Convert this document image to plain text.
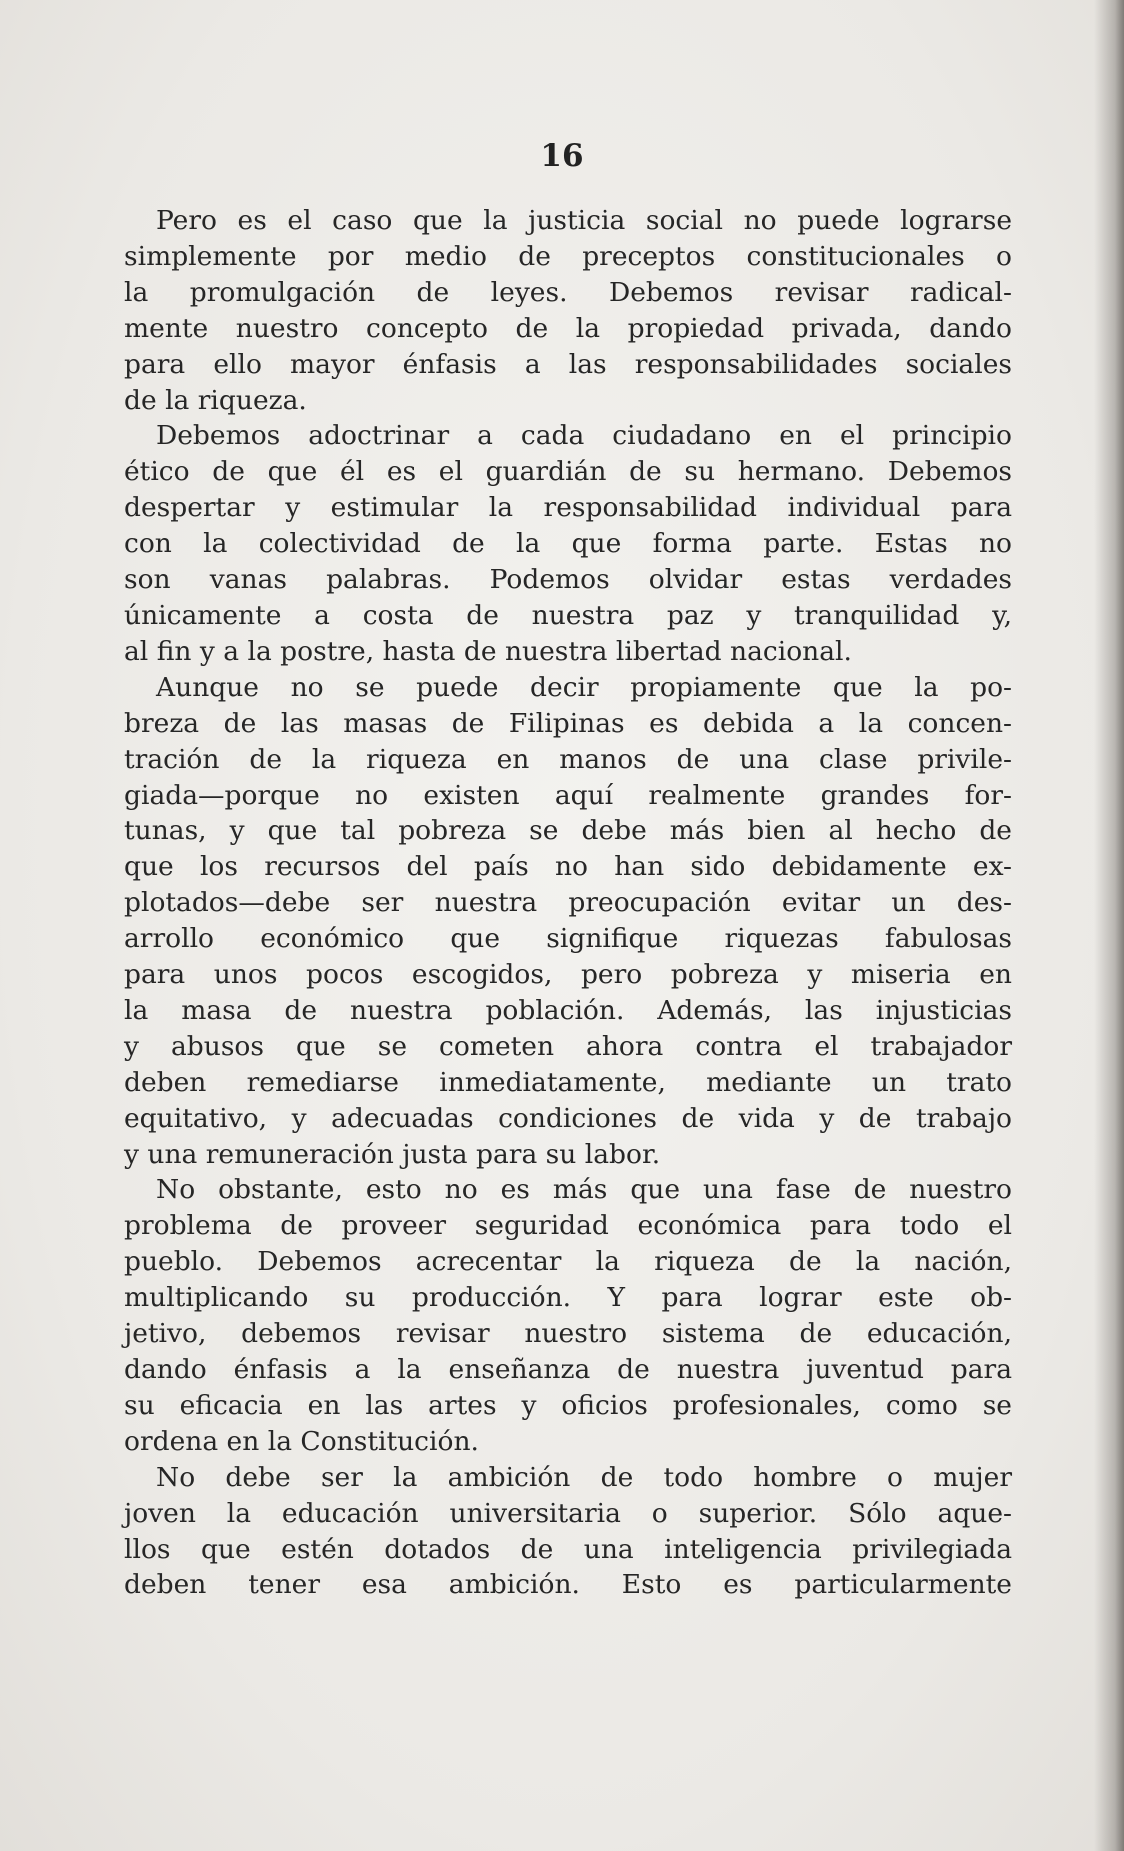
16
Pero es el caso que la justicia social no puede lograrse
simplemente por medio de preceptos constitucionales o
la promulgación de leyes. Debemos revisar radical-
mente nuestro concepto de la propiedad privada, dando
para ello mayor énfasis a las responsabilidades sociales
de la riqueza.
Debemos adoctrinar a cada ciudadano en el principio
ético de que él es el guardián de su hermano. Debemos
despertar y estimular la responsabilidad individual para
con la colectividad de la que forma parte. Estas no
son vanas palabras. Podemos olvidar estas verdades
únicamente a costa de nuestra paz y tranquilidad y,
al fin y a la postre, hasta de nuestra libertad nacional.
Aunque no se puede decir propiamente que la po-
breza de las masas de Filipinas es debida a la concen-
tración de la riqueza en manos de una clase privile-
giada—porque no existen aquí realmente grandes for-
tunas, y que tal pobreza se debe más bien al hecho de
que los recursos del país no han sido debidamente ex-
plotados—debe ser nuestra preocupación evitar un des-
arrollo económico que signifique riquezas fabulosas
para unos pocos escogidos, pero pobreza y miseria en
la masa de nuestra población. Además, las injusticias
y abusos que se cometen ahora contra el trabajador
deben remediarse inmediatamente, mediante un trato
equitativo, y adecuadas condiciones de vida y de trabajo
y una remuneración justa para su labor.
No obstante, esto no es más que una fase de nuestro
problema de proveer seguridad económica para todo el
pueblo. Debemos acrecentar la riqueza de la nación,
multiplicando su producción. Y para lograr este ob-
jetivo, debemos revisar nuestro sistema de educación,
dando énfasis a la enseñanza de nuestra juventud para
su eficacia en las artes y oficios profesionales, como se
ordena en la Constitución.
No debe ser la ambición de todo hombre o mujer
joven la educación universitaria o superior. Sólo aque-
llos que estén dotados de una inteligencia privilegiada
deben tener esa ambición. Esto es particularmente
